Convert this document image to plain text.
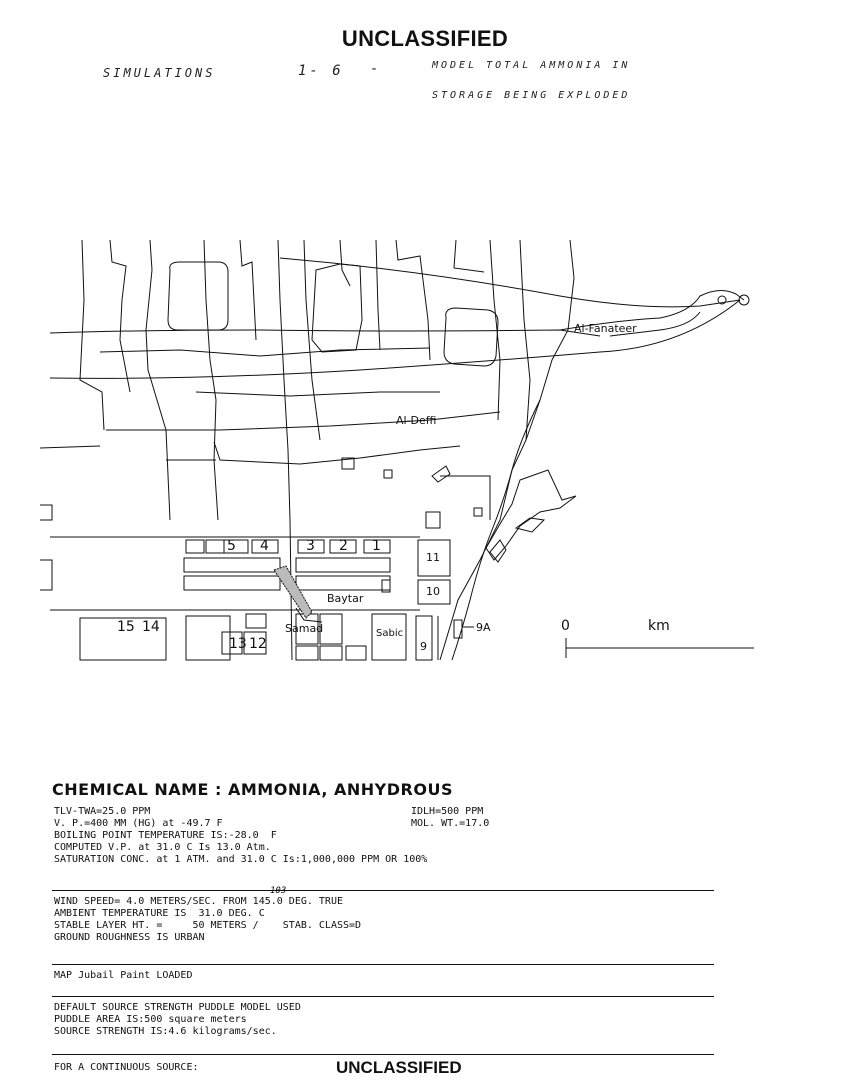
UNCLASSIFIED
SIMULATIONS	1- 6 -	MODEL TOTAL AMMONIA IN
STORAGE BEING EXPLODED
Al-Fanateer
Al-Deffi
Baytar
Samad	Sabic
5 4	3 2 1
11
10
9A
15 14
13 12	9
0	km
CHEMICAL NAME : AMMONIA, ANHYDROUS
TLV-TWA=25.0 PPM	IDLH=500 PPM
V. P.=400 MM (HG) at -49.7 F	MOL. WT.=17.0
BOILING POINT TEMPERATURE IS:-28.0  F
COMPUTED V.P. at 31.0 C Is 13.0 Atm.
SATURATION CONC. at 1 ATM. and 31.0 C Is:1,000,000 PPM OR 100%
WIND SPEED= 4.0 METERS/SEC. FROM 145.0 DEG. TRUE
103
AMBIENT TEMPERATURE IS  31.0 DEG. C
STABLE LAYER HT. =     50 METERS /    STAB. CLASS=D
GROUND ROUGHNESS IS URBAN
MAP Jubail Paint LOADED
DEFAULT SOURCE STRENGTH PUDDLE MODEL USED
PUDDLE AREA IS:500 square meters
SOURCE STRENGTH IS:4.6 kilograms/sec.
FOR A CONTINUOUS SOURCE:	UNCLASSIFIED
